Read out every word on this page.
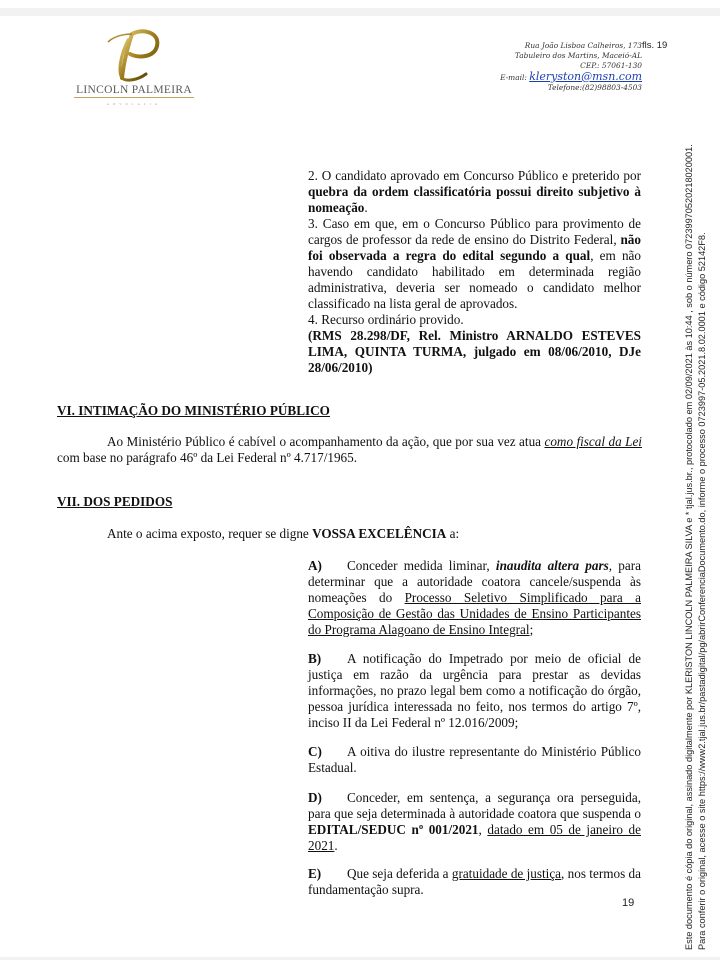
LINCOLN PALMEIRA
ADVOCACIA
Rua João Lisboa Calheiros, 173
Tabuleiro dos Martins, Maceió-AL
CEP.: 57061-130
E-mail: kleryston@msn.com
Telefone:(82)98803-4503
fls. 19

2. O candidato aprovado em Concurso Público e preterido por quebra da ordem classificatória possui direito subjetivo à nomeação.

3. Caso em que, em o Concurso Público para provimento de cargos de professor da rede de ensino do Distrito Federal, não foi observada a regra do edital segundo a qual, em não havendo candidato habilitado em determinada região administrativa, deveria ser nomeado o candidato melhor classificado na lista geral de aprovados.

4. Recurso ordinário provido.

(RMS 28.298/DF, Rel. Ministro ARNALDO ESTEVES LIMA, QUINTA TURMA, julgado em 08/06/2010, DJe 28/06/2010)

VI. INTIMAÇÃO DO MINISTÉRIO PÚBLICO

Ao Ministério Público é cabível o acompanhamento da ação, que por sua vez atua como fiscal da Lei com base no parágrafo 46º da Lei Federal nº 4.717/1965.

VII. DOS PEDIDOS

Ante o acima exposto, requer se digne VOSSA EXCELÊNCIA a:

A) Conceder medida liminar, inaudita altera pars, para determinar que a autoridade coatora cancele/suspenda às nomeações do Processo Seletivo Simplificado para a Composição de Gestão das Unidades de Ensino Participantes do Programa Alagoano de Ensino Integral;

B) A notificação do Impetrado por meio de oficial de justiça em razão da urgência para prestar as devidas informações, no prazo legal bem como a notificação do órgão, pessoa jurídica interessada no feito, nos termos do artigo 7º, inciso II da Lei Federal nº 12.016/2009;

C) A oitiva do ilustre representante do Ministério Público Estadual.

D) Conceder, em sentença, a segurança ora perseguida, para que seja determinada à autoridade coatora que suspenda o EDITAL/SEDUC nº 001/2021, datado em 05 de janeiro de 2021.

E) Que seja deferida a gratuidade de justiça, nos termos da fundamentação supra.

19	Este documento é cópia do original, assinado digitalmente por KLERISTON LINCOLN PALMEIRA SILVA e * tjal.jus.br., protocolado em 02/09/2021 às 10:44 , sob o número 07239970520218020001. Para conferir o original, acesse o site https://www2.tjal.jus.br/pastadigital/pg/abrirConferenciaDocumento.do, informe o processo 0723997-05.2021.8.02.0001 e código 52142F8.
